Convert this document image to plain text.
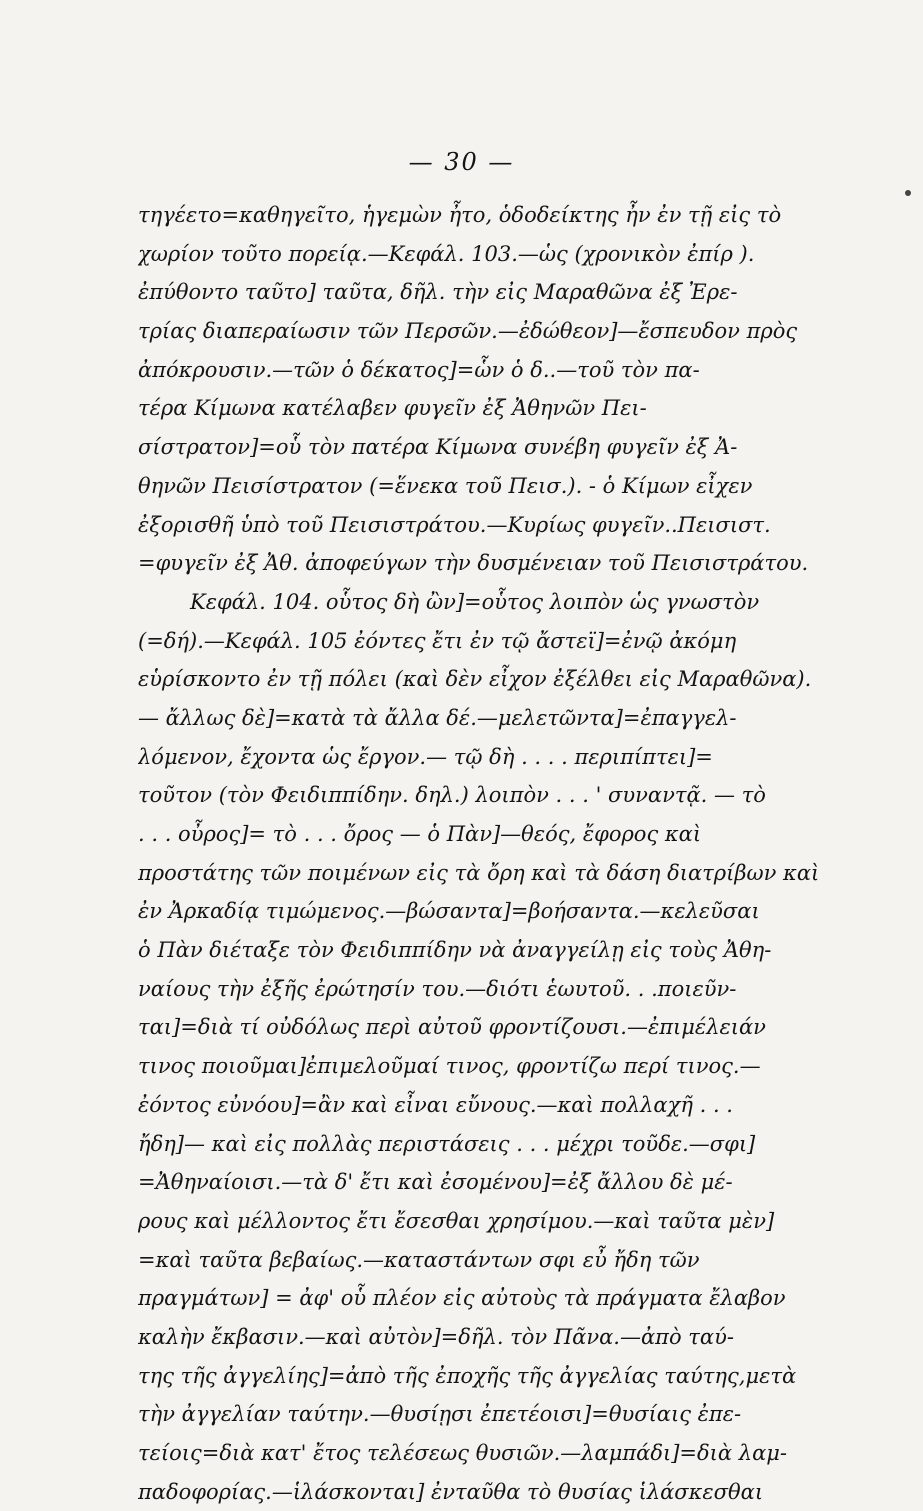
— 30 —
τηγέετο=καθηγεῖτο, ἡγεμὼν ἦτο, ὁδοδείκτης ἦν ἐν τῇ εἰς τὸ
χωρίον τοῦτο πορείᾳ.—Κεφάλ. 103.—ὡς (χρονικὸν ἐπίρ ).
ἐπύθοντο ταῦτο] ταῦτα, δῆλ. τὴν εἰς Μαραθῶνα ἐξ Ἐρε-
τρίας διαπεραίωσιν τῶν Περσῶν.—ἐδώθεον]—ἔσπευδον πρὸς
ἀπόκρουσιν.—τῶν ὁ δέκατος]=ὧν ὁ δ..—τοῦ τὸν πα-
τέρα Κίμωνα κατέλαβεν φυγεῖν ἐξ Ἀθηνῶν Πει-
σίστρατον]=οὗ τὸν πατέρα Κίμωνα συνέβη φυγεῖν ἐξ Ἀ-
θηνῶν Πεισίστρατον (=ἕνεκα τοῦ Πεισ.). - ὁ Κίμων εἶχεν
ἐξορισθῆ ὑπὸ τοῦ Πεισιστράτου.—Κυρίως φυγεῖν..Πεισιστ.
=φυγεῖν ἐξ Ἀθ. ἀποφεύγων τὴν δυσμένειαν τοῦ Πεισιστράτου.
Κεφάλ. 104. οὗτος δὴ ὢν]=οὗτος λοιπὸν ὡς γνωστὸν
(=δή).—Κεφάλ. 105 ἐόντες ἔτι ἐν τῷ ἄστεϊ]=ἐνῷ ἀκόμη
εὑρίσκοντο ἐν τῇ πόλει (καὶ δὲν εἶχον ἐξέλθει εἰς Μαραθῶνα).
— ἄλλως δὲ]=κατὰ τὰ ἄλλα δέ.—μελετῶντα]=ἐπαγγελ-
λόμενον, ἔχοντα ὡς ἔργον.— τῷ δὴ . . . . περιπίπτει]=
τοῦτον (τὸν Φειδιππίδην. δηλ.) λοιπὸν . . . ' συναντᾷ. — τὸ
. . . οὖρος]= τὸ . . . ὄρος — ὁ Πὰν]—θεός, ἔφορος καὶ
προστάτης τῶν ποιμένων εἰς τὰ ὄρη καὶ τὰ δάση διατρίβων καὶ
ἐν Ἀρκαδίᾳ τιμώμενος.—βώσαντα]=βοήσαντα.—κελεῦσαι
ὁ Πὰν διέταξε τὸν Φειδιππίδην νὰ ἀναγγείλῃ εἰς τοὺς Ἀθη-
ναίους τὴν ἐξῆς ἐρώτησίν του.—διότι ἑωυτοῦ. . .ποιεῦν-
ται]=διὰ τί οὐδόλως περὶ αὐτοῦ φροντίζουσι.—ἐπιμέλειάν
τινος ποιοῦμαι]ἐπιμελοῦμαί τινος, φροντίζω περί τινος.—
ἐόντος εὐνόου]=ἂν καὶ εἶναι εὔνους.—καὶ πολλαχῆ . . .
ἤδη]— καὶ εἰς πολλὰς περιστάσεις . . . μέχρι τοῦδε.—σφι]
=Ἀθηναίοισι.—τὰ δ' ἔτι καὶ ἐσομένου]=ἐξ ἄλλου δὲ μέ-
ρους καὶ μέλλοντος ἔτι ἔσεσθαι χρησίμου.—καὶ ταῦτα μὲν]
=καὶ ταῦτα βεβαίως.—καταστάντων σφι εὖ ἤδη τῶν
πραγμάτων] = ἀφ' οὗ πλέον εἰς αὐτοὺς τὰ πράγματα ἔλαβον
καλὴν ἔκβασιν.—καὶ αὐτὸν]=δῆλ. τὸν Πᾶνα.—ἀπὸ ταύ-
της τῆς ἀγγελίης]=ἀπὸ τῆς ἐποχῆς τῆς ἀγγελίας ταύτης,μετὰ
τὴν ἀγγελίαν ταύτην.—θυσίῃσι ἐπετέοισι]=θυσίαις ἐπε-
τείοις=διὰ κατ' ἔτος τελέσεως θυσιῶν.—λαμπάδι]=διὰ λαμ-
παδοφορίας.—ἱλάσκονται] ἐνταῦθα τὸ θυσίας ἱλάσκεσθαι
